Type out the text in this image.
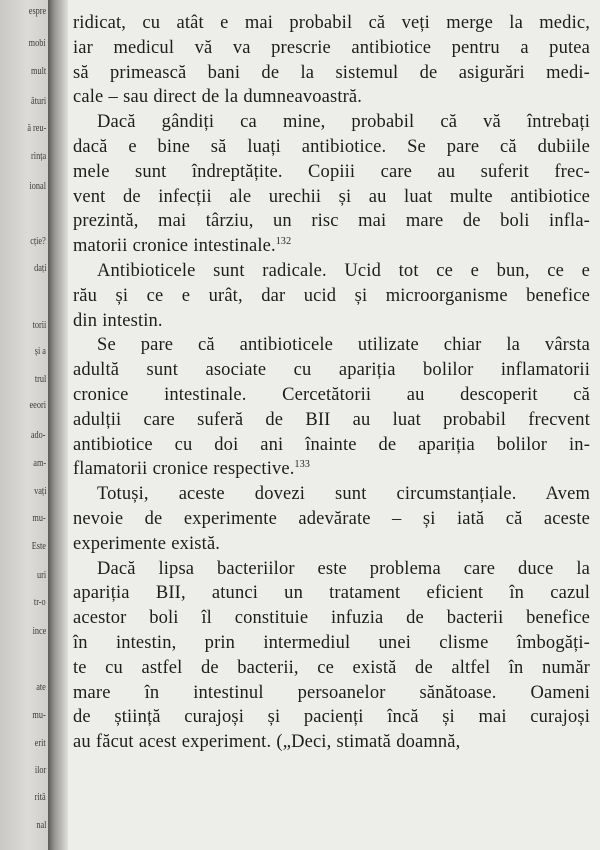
espre
mobi
mult
ături
ă reu-
rința
ional
cție?
dați
torii
și a
trul
eeori
ado-
am-
vați
mu-
Este
uri
tr-o
ince
ate
mu-
erit
ilor
rită
nal
ridicat, cu atât e mai probabil că veți merge la medic,
iar medicul vă va prescrie antibiotice pentru a putea
să primească bani de la sistemul de asigurări medi-
cale – sau direct de la dumneavoastră.
Dacă gândiți ca mine, probabil că vă întrebați
dacă e bine să luați antibiotice. Se pare că dubiile
mele sunt îndreptățite. Copiii care au suferit frec-
vent de infecții ale urechii și au luat multe antibiotice
prezintă, mai târziu, un risc mai mare de boli infla-
matorii cronice intestinale.$^{132}$
Antibioticele sunt radicale. Ucid tot ce e bun, ce e
rău și ce e urât, dar ucid și microorganisme benefice
din intestin.
Se pare că antibioticele utilizate chiar la vârsta
adultă sunt asociate cu apariția bolilor inflamatorii
cronice intestinale. Cercetătorii au descoperit că
adulții care suferă de BII au luat probabil frecvent
antibiotice cu doi ani înainte de apariția bolilor in-
flamatorii cronice respective.$^{133}$
Totuși, aceste dovezi sunt circumstanțiale. Avem
nevoie de experimente adevărate – și iată că aceste
experimente există.
Dacă lipsa bacteriilor este problema care duce la
apariția BII, atunci un tratament eficient în cazul
acestor boli îl constituie infuzia de bacterii benefice
în intestin, prin intermediul unei clisme îmbogăți-
te cu astfel de bacterii, ce există de altfel în număr
mare în intestinul persoanelor sănătoase. Oameni
de știință curajoși și pacienți încă și mai curajoși
au făcut acest experiment. („Deci, stimată doamnă,
